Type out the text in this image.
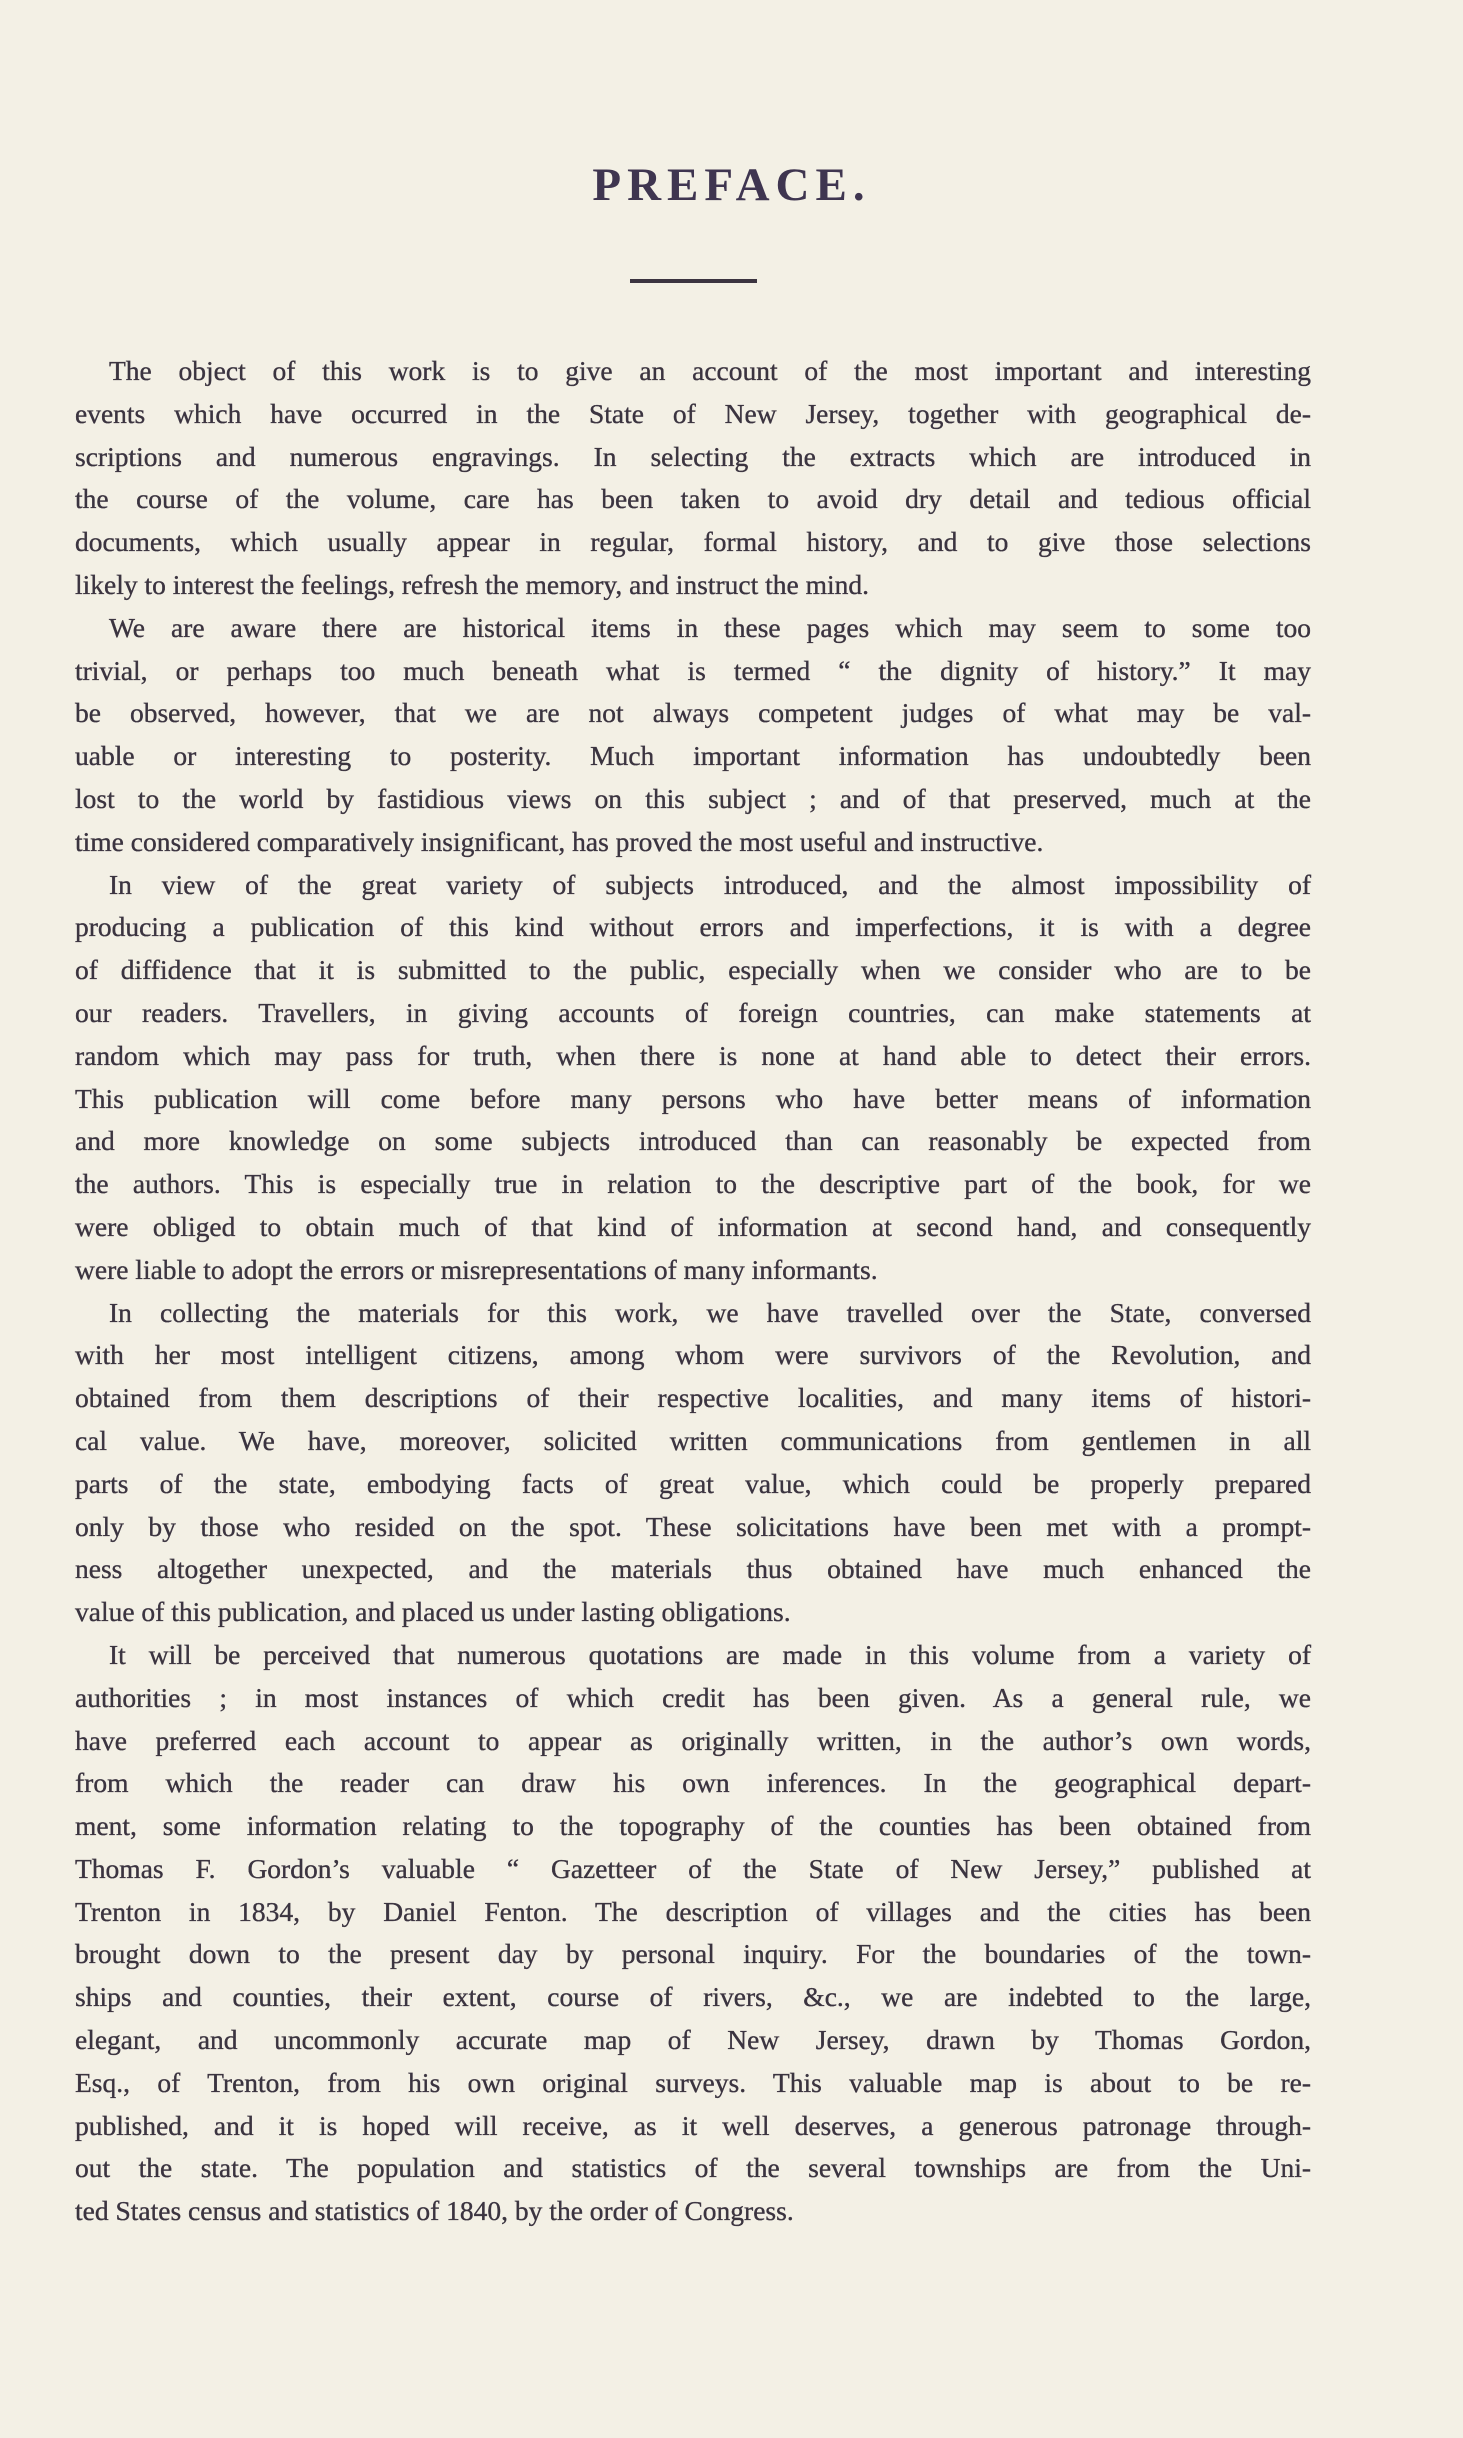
PREFACE.
The object of this work is to give an account of the most important and interesting
events which have occurred in the State of New Jersey, together with geographical de-
scriptions and numerous engravings. In selecting the extracts which are introduced in
the course of the volume, care has been taken to avoid dry detail and tedious official
documents, which usually appear in regular, formal history, and to give those selections
likely to interest the feelings, refresh the memory, and instruct the mind.
We are aware there are historical items in these pages which may seem to some too
trivial, or perhaps too much beneath what is termed “ the dignity of history.” It may
be observed, however, that we are not always competent judges of what may be val-
uable or interesting to posterity. Much important information has undoubtedly been
lost to the world by fastidious views on this subject ; and of that preserved, much at the
time considered comparatively insignificant, has proved the most useful and instructive.
In view of the great variety of subjects introduced, and the almost impossibility of
producing a publication of this kind without errors and imperfections, it is with a degree
of diffidence that it is submitted to the public, especially when we consider who are to be
our readers. Travellers, in giving accounts of foreign countries, can make statements at
random which may pass for truth, when there is none at hand able to detect their errors.
This publication will come before many persons who have better means of information
and more knowledge on some subjects introduced than can reasonably be expected from
the authors. This is especially true in relation to the descriptive part of the book, for we
were obliged to obtain much of that kind of information at second hand, and consequently
were liable to adopt the errors or misrepresentations of many informants.
In collecting the materials for this work, we have travelled over the State, conversed
with her most intelligent citizens, among whom were survivors of the Revolution, and
obtained from them descriptions of their respective localities, and many items of histori-
cal value. We have, moreover, solicited written communications from gentlemen in all
parts of the state, embodying facts of great value, which could be properly prepared
only by those who resided on the spot. These solicitations have been met with a prompt-
ness altogether unexpected, and the materials thus obtained have much enhanced the
value of this publication, and placed us under lasting obligations.
It will be perceived that numerous quotations are made in this volume from a variety of
authorities ; in most instances of which credit has been given. As a general rule, we
have preferred each account to appear as originally written, in the author’s own words,
from which the reader can draw his own inferences. In the geographical depart-
ment, some information relating to the topography of the counties has been obtained from
Thomas F. Gordon’s valuable “ Gazetteer of the State of New Jersey,” published at
Trenton in 1834, by Daniel Fenton. The description of villages and the cities has been
brought down to the present day by personal inquiry. For the boundaries of the town-
ships and counties, their extent, course of rivers, &c., we are indebted to the large,
elegant, and uncommonly accurate map of New Jersey, drawn by Thomas Gordon,
Esq., of Trenton, from his own original surveys. This valuable map is about to be re-
published, and it is hoped will receive, as it well deserves, a generous patronage through-
out the state. The population and statistics of the several townships are from the Uni-
ted States census and statistics of 1840, by the order of Congress.
